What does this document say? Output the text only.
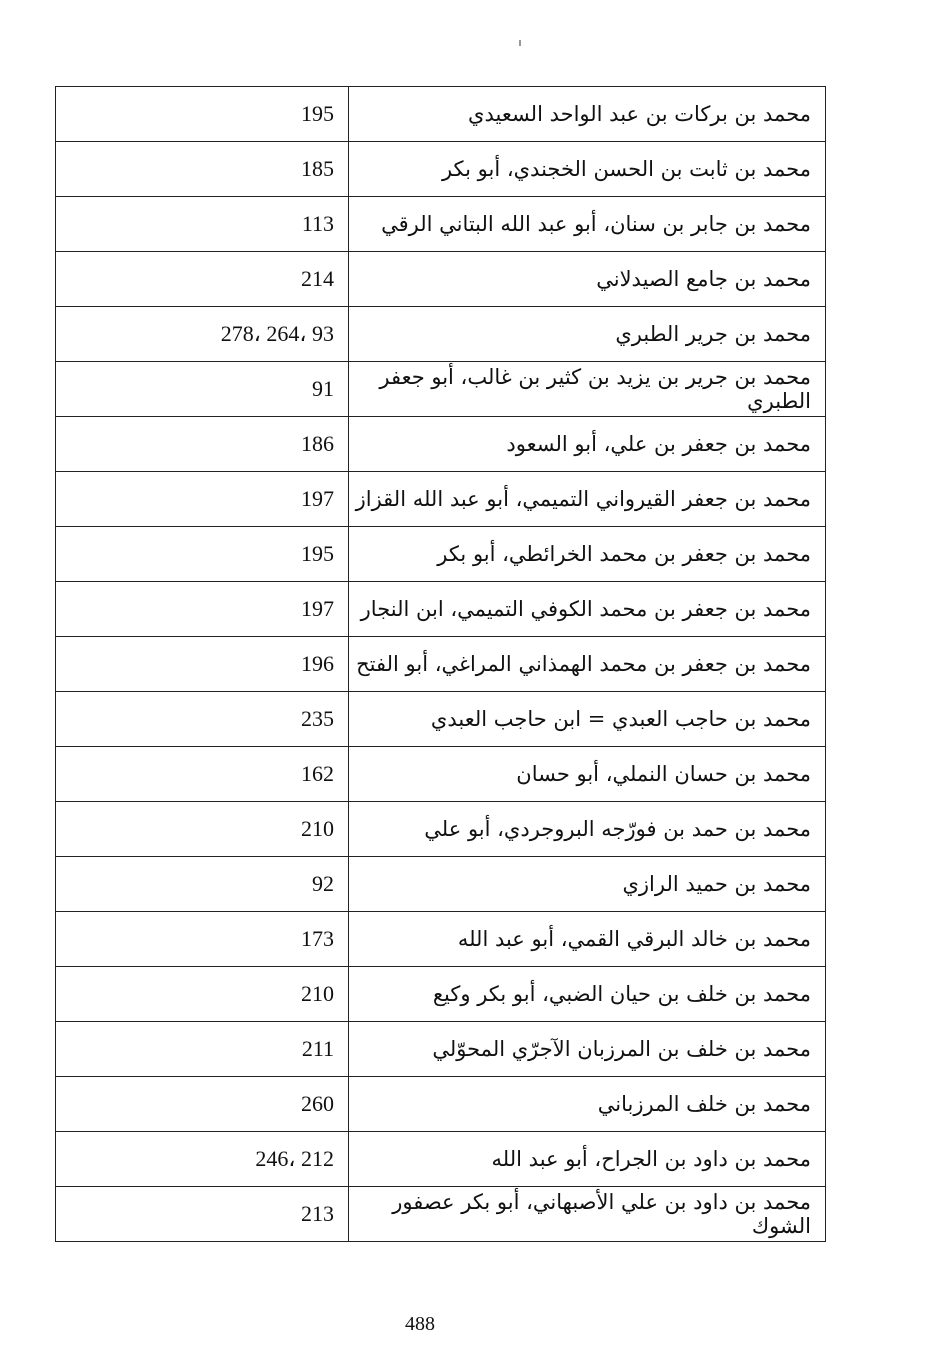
195	محمد بن بركات بن عبد الواحد السعيدي
185	محمد بن ثابت بن الحسن الخجندي، أبو بكر
113	محمد بن جابر بن سنان، أبو عبد الله البتاني الرقي
214	محمد بن جامع الصيدلاني
278، 264، 93	محمد بن جرير الطبري
91	محمد بن جرير بن يزيد بن كثير بن غالب، أبو جعفر الطبري
186	محمد بن جعفر بن علي، أبو السعود
197	محمد بن جعفر القيرواني التميمي، أبو عبد الله القزاز
195	محمد بن جعفر بن محمد الخرائطي، أبو بكر
197	محمد بن جعفر بن محمد الكوفي التميمي، ابن النجار
196	محمد بن جعفر بن محمد الهمذاني المراغي، أبو الفتح
235	محمد بن حاجب العبدي = ابن حاجب العبدي
162	محمد بن حسان النملي، أبو حسان
210	محمد بن حمد بن فورّجه البروجردي، أبو علي
92	محمد بن حميد الرازي
173	محمد بن خالد البرقي القمي، أبو عبد الله
210	محمد بن خلف بن حيان الضبي، أبو بكر وكيع
211	محمد بن خلف بن المرزبان الآجرّي المحوّلي
260	محمد بن خلف المرزباني
246، 212	محمد بن داود بن الجراح، أبو عبد الله
213	محمد بن داود بن علي الأصبهاني، أبو بكر عصفور الشوك
488
